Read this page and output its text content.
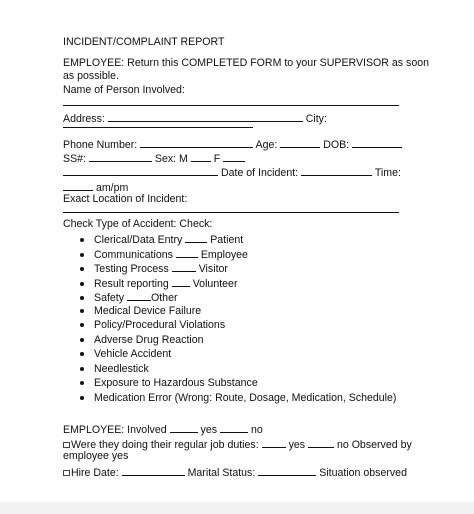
INCIDENT/COMPLAINT REPORT
EMPLOYEE: Return this COMPLETED FORM to your SUPERVISOR as soon
as possible.
Name of Person Involved:
Address:	City:
Phone Number:	Age:	DOB:
SS#:	Sex: M F
Date of Incident:	Time:
am/pm
Exact Location of Incident:
Check Type of Accident: Check:
Clerical/Data Entry	Patient
Communications	Employee
Testing Process	Visitor
Result reporting Volunteer
Safety	Other
Medical Device Failure
Policy/Procedural Violations
Adverse Drug Reaction
Vehicle Accident
Needlestick
Exposure to Hazardous Substance
Medication Error (Wrong: Route, Dosage, Medication, Schedule)
EMPLOYEE: Involved	yes	no
Were they doing their regular job duties:	yes	no Observed by
employee yes
Hire Date:	Marital Status:	Situation observed
